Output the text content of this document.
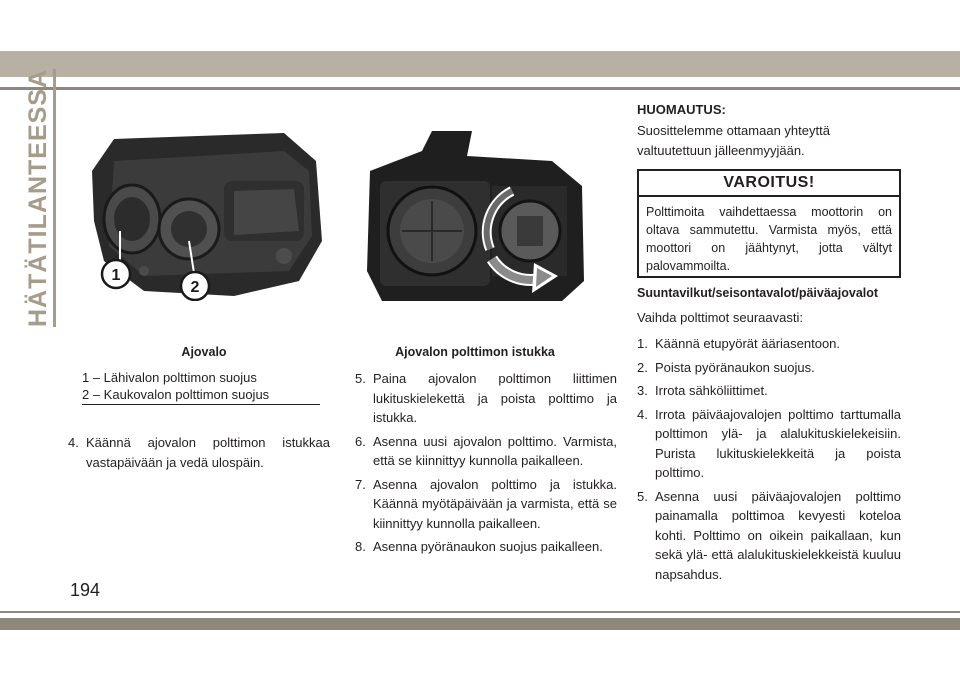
HÄTÄTILANTEESSA	1
2
Ajovalo	Ajovalon polttimon istukka
1 – Lähivalon polttimon suojus
2 – Kaukovalon polttimon suojus
4. Käännä ajovalon polttimon istukkaa vastapäivään ja vedä ulospäin.
5. Paina ajovalon polttimon liittimen lukituskielekettä ja poista polttimo ja istukka.
6. Asenna uusi ajovalon polttimo. Varmista, että se kiinnittyy kunnolla paikalleen.
7. Asenna ajovalon polttimo ja istukka. Käännä myötäpäivään ja varmista, että se kiinnittyy kunnolla paikalleen.
8. Asenna pyöränaukon suojus paikalleen.
HUOMAUTUS:
Suosittelemme ottamaan yhteyttä valtuutettuun jälleenmyyjään.
VAROITUS!
Polttimoita vaihdettaessa moottorin on oltava sammutettu. Varmista myös, että moottori on jäähtynyt, jotta vältyt palovammoilta.
Suuntavilkut/seisontavalot/päiväajovalot
Vaihda polttimot seuraavasti:
1. Käännä etupyörät ääriasentoon.
2. Poista pyöränaukon suojus.
3. Irrota sähköliittimet.
4. Irrota päiväajovalojen polttimo tarttumalla polttimon ylä- ja alalukituskielekeisiin. Purista lukituskielekkeitä ja poista polttimo.
5. Asenna uusi päiväajovalojen polttimo painamalla polttimoa kevyesti koteloa kohti. Polttimo on oikein paikallaan, kun sekä ylä- että alalukituskielekkeistä kuuluu napsahdus.
194
